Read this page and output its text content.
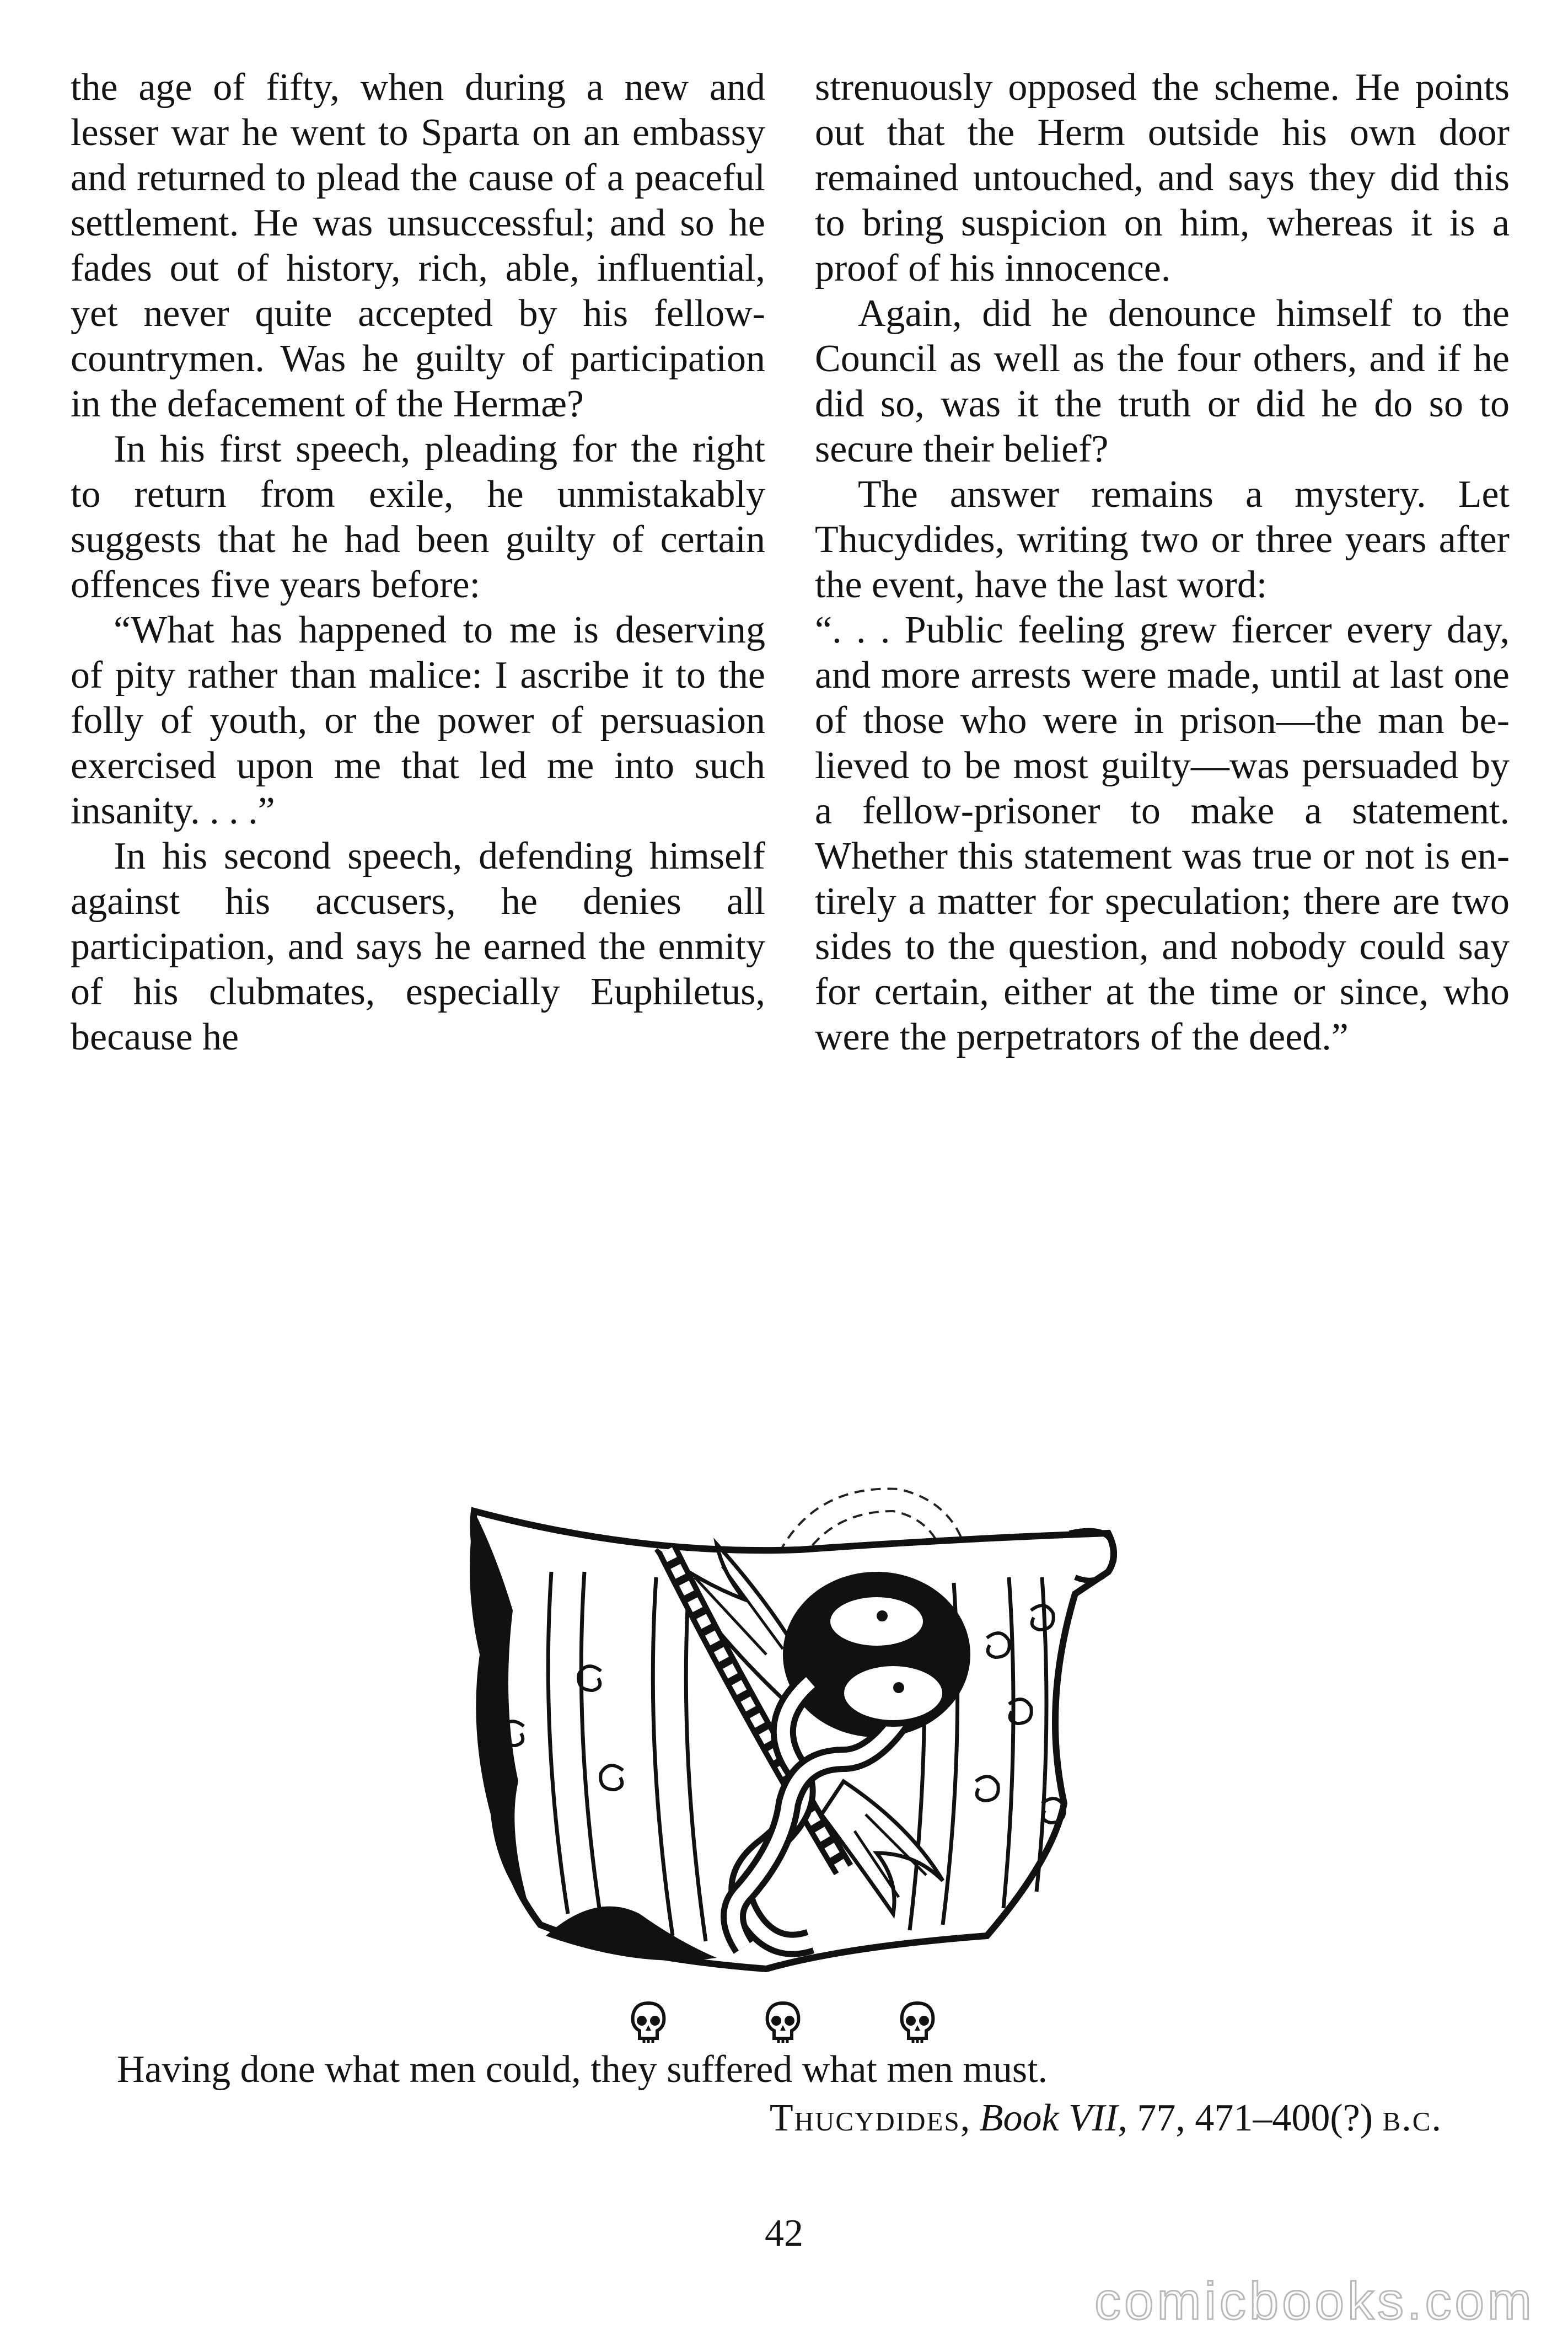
the age of fifty, when during a new and lesser war he went to Sparta on an embassy and returned to plead the cause of a peaceful settlement. He was unsuccessful; and so he fades out of history, rich, able, influential, yet never quite accepted by his fellow-countrymen. Was he guilty of participation in the defacement of the Hermæ?

In his first speech, pleading for the right to return from exile, he unmistakably suggests that he had been guilty of certain offences five years before:

“What has happened to me is deserving of pity rather than malice: I ascribe it to the folly of youth, or the power of persuasion exercised upon me that led me into such insanity. . . .”

In his second speech, defending himself against his accusers, he denies all participation, and says he earned the enmity of his clubmates, especially Euphiletus, because he

strenuously opposed the scheme. He points out that the Herm outside his own door remained untouched, and says they did this to bring suspicion on him, whereas it is a proof of his innocence.

Again, did he denounce himself to the Council as well as the four others, and if he did so, was it the truth or did he do so to secure their belief?

The answer remains a mystery. Let Thucydides, writing two or three years after the event, have the last word:

“. . . Public feeling grew fiercer every day, and more arrests were made, until at last one of those who were in prison—the man believed to be most guilty—was persuaded by a fellow-prisoner to make a statement. Whether this statement was true or not is entirely a matter for speculation; there are two sides to the question, and nobody could say for certain, either at the time or since, who were the perpetrators of the deed.”

Having done what men could, they suffered what men must.
Thucydides, Book VII, 77, 471–400(?) b.c.
42
comicbooks.com
